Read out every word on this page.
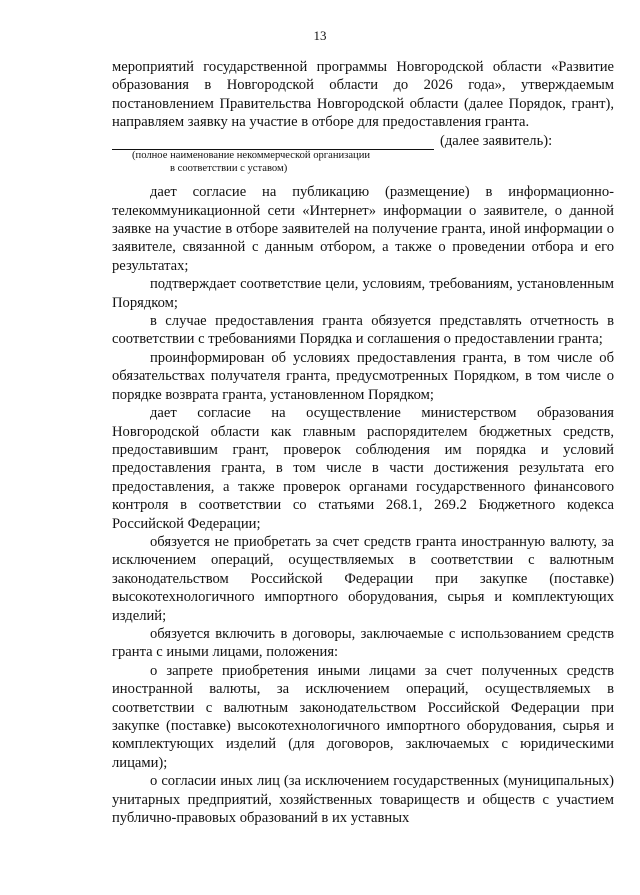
13

мероприятий государственной программы Новгородской области «Развитие образования в Новгородской области до 2026 года», утверждаемым постановлением Правительства Новгородской области (далее Порядок, грант), направляем заявку на участие в отборе для предоставления гранта.

(далее заявитель):
(полное наименование некоммерческой организации
в соответствии с уставом)

дает согласие на публикацию (размещение) в информационно-телекоммуникационной сети «Интернет» информации о заявителе, о данной заявке на участие в отборе заявителей на получение гранта, иной информации о заявителе, связанной с данным отбором, а также о проведении отбора и его результатах;

подтверждает соответствие цели, условиям, требованиям, установленным Порядком;

в случае предоставления гранта обязуется представлять отчетность в соответствии с требованиями Порядка и соглашения о предоставлении гранта;

проинформирован об условиях предоставления гранта, в том числе об обязательствах получателя гранта, предусмотренных Порядком, в том числе о порядке возврата гранта, установленном Порядком;

дает согласие на осуществление министерством образования Новгородской области как главным распорядителем бюджетных средств, предоставившим грант, проверок соблюдения им порядка и условий предоставления гранта, в том числе в части достижения результата его предоставления, а также проверок органами государственного финансового контроля в соответствии со статьями 268.1, 269.2 Бюджетного кодекса Российской Федерации;

обязуется не приобретать за счет средств гранта иностранную валюту, за исключением операций, осуществляемых в соответствии с валютным законодательством Российской Федерации при закупке (поставке) высокотехнологичного импортного оборудования, сырья и комплектующих изделий;

обязуется включить в договоры, заключаемые с использованием средств гранта с иными лицами, положения:

о запрете приобретения иными лицами за счет полученных средств иностранной валюты, за исключением операций, осуществляемых в соответствии с валютным законодательством Российской Федерации при закупке (поставке) высокотехнологичного импортного оборудования, сырья и комплектующих изделий (для договоров, заключаемых с юридическими лицами);

о согласии иных лиц (за исключением государственных (муниципальных) унитарных предприятий, хозяйственных товариществ и обществ с участием публично-правовых образований в их уставных
